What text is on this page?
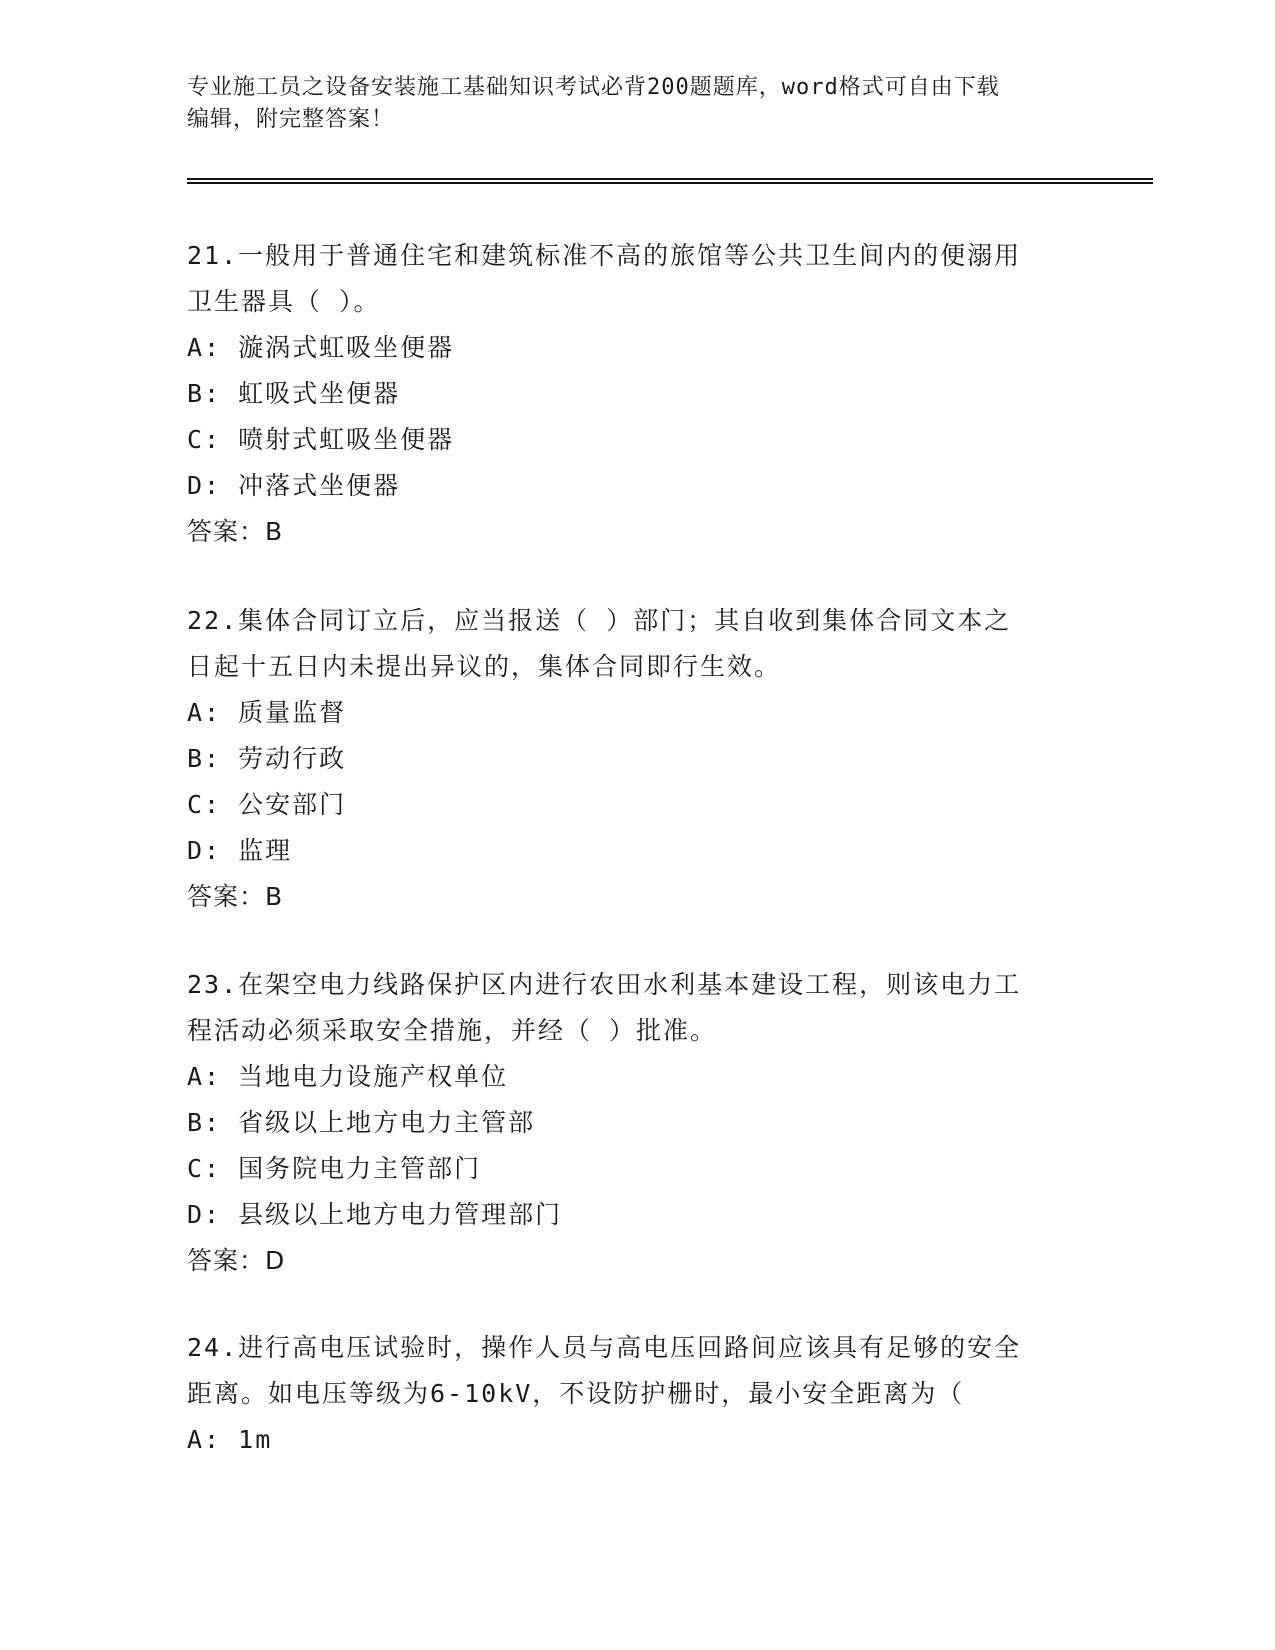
专业施工员之设备安装施工基础知识考试必背200题题库，word格式可自由下载
编辑，附完整答案！
21.一般用于普通住宅和建筑标准不高的旅馆等公共卫生间内的便溺用
卫生器具（ ）。
A: 漩涡式虹吸坐便器
B: 虹吸式坐便器
C: 喷射式虹吸坐便器
D: 冲落式坐便器
答案：B
22.集体合同订立后，应当报送（ ）部门；其自收到集体合同文本之
日起十五日内未提出异议的，集体合同即行生效。
A: 质量监督
B: 劳动行政
C: 公安部门
D: 监理
答案：B
23.在架空电力线路保护区内进行农田水利基本建设工程，则该电力工
程活动必须采取安全措施，并经（ ）批准。
A: 当地电力设施产权单位
B: 省级以上地方电力主管部
C: 国务院电力主管部门
D: 县级以上地方电力管理部门
答案：D
24.进行高电压试验时，操作人员与高电压回路间应该具有足够的安全
距离。如电压等级为6-10kV，不设防护栅时，最小安全距离为（
A: 1m
